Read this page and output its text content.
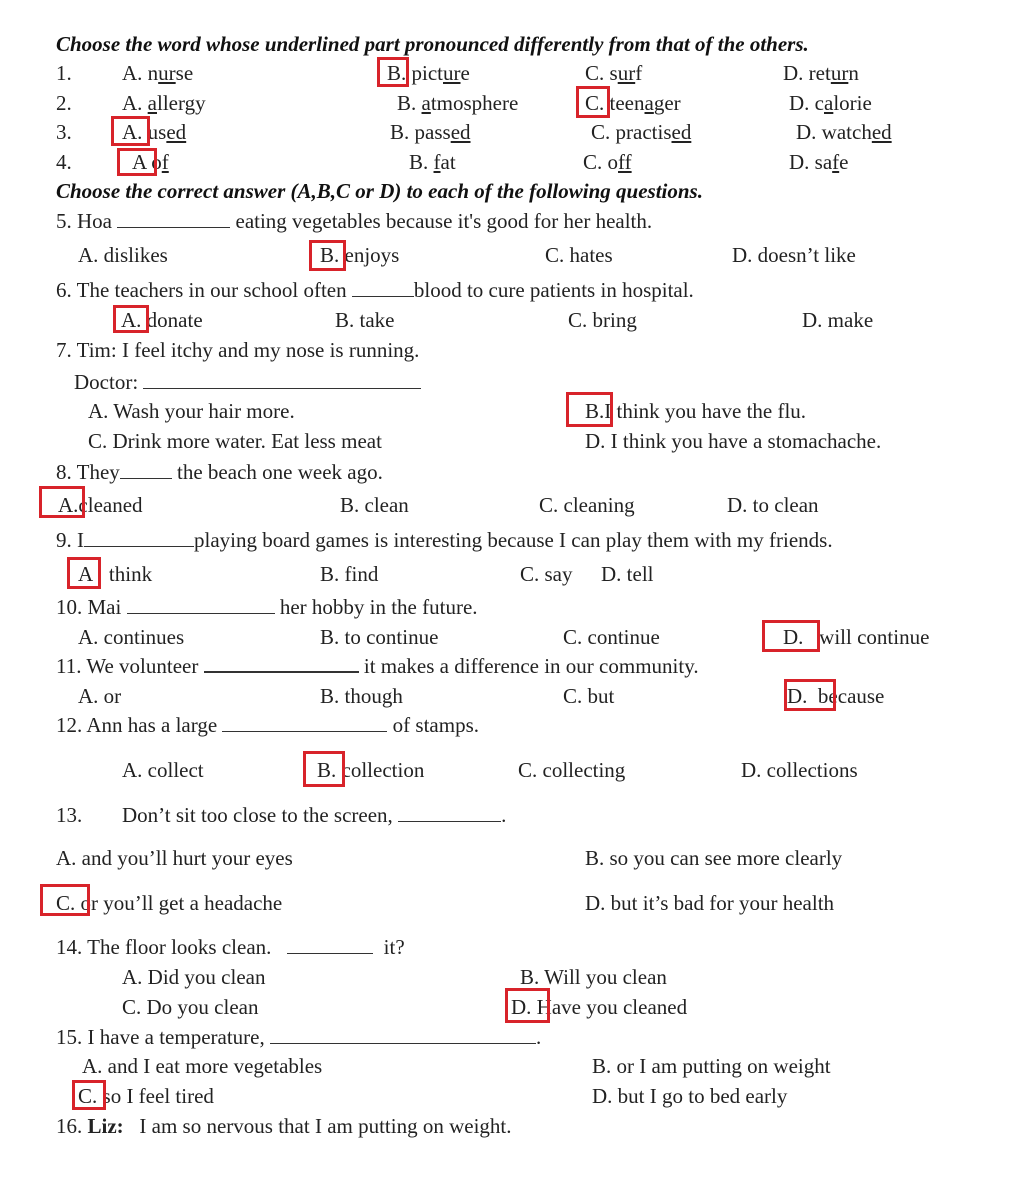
Choose the word whose underlined part pronounced differently from that of the others.
1. A. nurse	B. picture	C. surf	D. return
2. A. allergy	B. atmosphere	C. teenager	D. calorie
3. A. used	B. passed	C. practised	D. watched
4.	A of	B. fat	C. off	D. safe
Choose the correct answer (A,B,C or D) to each of the following questions.
5. Hoa	eating vegetables because it's good for her health.
A. dislikes	B. enjoys	C. hates	D. doesn’t like
6. The teachers in our school often	blood to cure patients in hospital.
A. donate	B. take	C. bring	D. make
7. Tim: I feel itchy and my nose is running.
Doctor:
A. Wash your hair more.	B.I think you have the flu.
C. Drink more water. Eat less meat	D. I think you have a stomachache.
8. They	the beach one week ago.
A.cleaned	B. clean	C. cleaning	D. to clean
9. I	playing board games is interesting because I can play them with my friends.
A think	B. find	C. say D. tell
10. Mai	her hobby in the future.
A. continues	B. to continue	C. continue	D. will continue
11. We volunteer	it makes a difference in our community.
A. or	B. though	C. but	D. because
12. Ann has a large	of stamps.
A. collect	B. collection	C. collecting	D. collections
13. Don’t sit too close to the screen,	.
A. and you’ll hurt your eyes	B. so you can see more clearly
C. or you’ll get a headache	D. but it’s bad for your health
14. The floor looks clean.	it?
A. Did you clean	B. Will you clean
C. Do you clean	D. Have you cleaned
15. I have a temperature,	.
A. and I eat more vegetables	B. or I am putting on weight
C. so I feel tired	D. but I go to bed early
16. Liz: I am so nervous that I am putting on weight.
